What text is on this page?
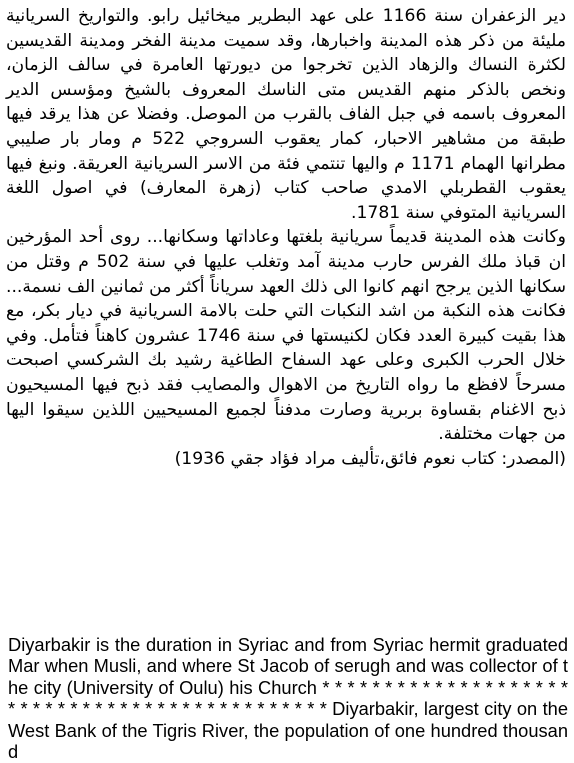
دير الزعفران سنة 1166 على عهد البطرير ميخائيل رابو. والتواريخ السريانية مليئة من ذكر هذه المدينة واخبارها، وقد سميت مدينة الفخر ومدينة القديسين لكثرة النساك والزهاد الذين تخرجوا من ديورتها العامرة في سالف الزمان، ونخص بالذكر منهم القديس متى الناسك المعروف بالشيخ ومؤسس الدير المعروف باسمه في جبل الفاف بالقرب من الموصل. وفضلا عن هذا يرقد فيها طبقة من مشاهير الاحبار، كمار يعقوب السروجي 522 م ومار بار صليبي مطرانها الهمام 1171 م واليها تنتمي فئة من الاسر السريانية العريقة. ونبغ فيها يعقوب القطربلي الامدي صاحب كتاب (زهرة المعارف) في اصول اللغة السريانية المتوفي سنة 1781.

وكانت هذه المدينة قديماً سريانية بلغتها وعاداتها وسكانها... روى أحد المؤرخين ان قباذ ملك الفرس حارب مدينة آمد وتغلب عليها في سنة 502 م وقتل من سكانها الذين يرجح انهم كانوا الى ذلك العهد سرياناً أكثر من ثمانين الف نسمة... فكانت هذه النكبة من اشد النكبات التي حلت بالامة السريانية في ديار بكر، مع هذا بقيت كبيرة العدد فكان لكنيستها في سنة 1746 عشرون كاهناً فتأمل. وفي خلال الحرب الكبرى وعلى عهد السفاح الطاغية رشيد بك الشركسي اصبحت مسرحاً لافظع ما رواه التاريخ من الاهوال والمصايب فقد ذبح فيها المسيحيون ذبح الاغنام بقساوة بربرية وصارت مدفناً لجميع المسيحيين اللذين سيقوا اليها من جهات مختلفة.

(المصدر: كتاب نعوم فائق،تأليف مراد فؤاد جقي 1936)

Diyarbakir is the duration in Syriac and from Syriac hermit graduated Mar when Musli, and where St Jacob of serugh and was collector of the city (University of Oulu) his Church * * * * * * * * * * * * * * * * * * * * * * * * * * * * * * * * * * * * * * * * * * * * * * Diyarbakir, largest city on the West Bank of the Tigris River, the population of one hundred thousand
